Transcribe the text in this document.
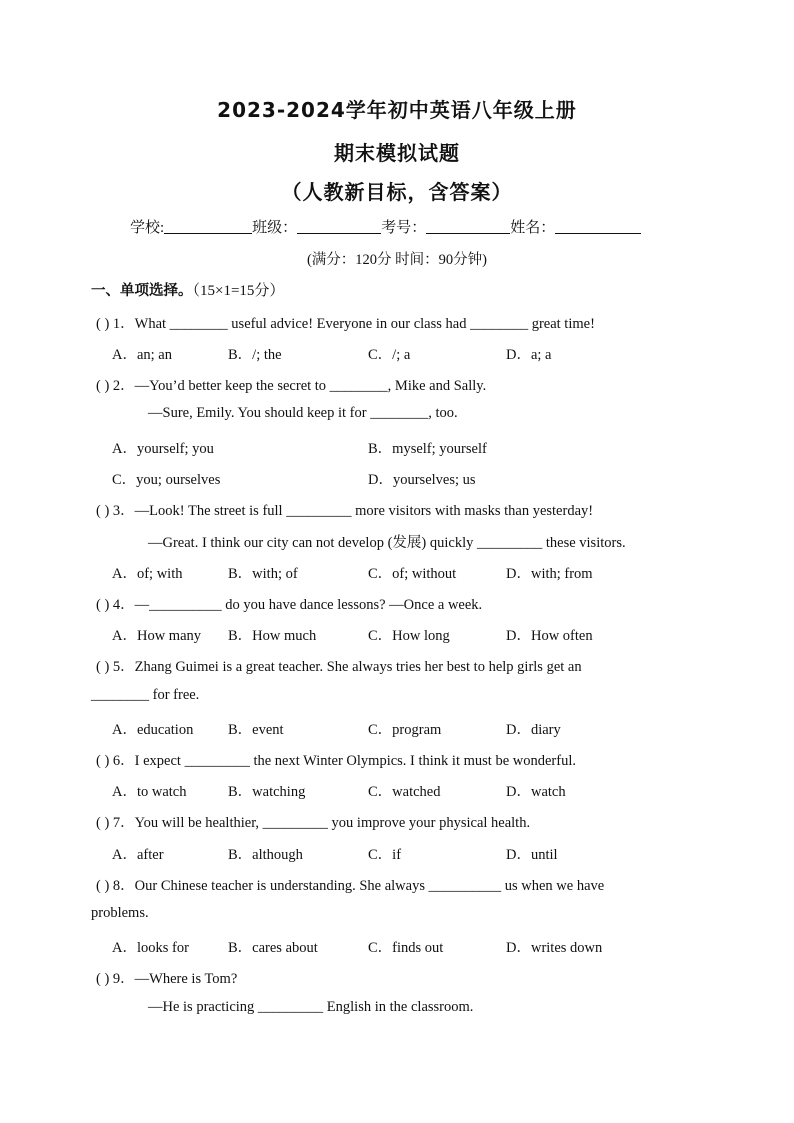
2023-2024学年初中英语八年级上册
期末模拟试题
（人教新目标，含答案）
学校:	班级：	考号：	姓名：
(满分：120分 时间：90分钟)
一、单项选择。（15×1=15分）
( ) 1．What ________ useful advice! Everyone in our class had ________ great time!
A．an; an	B．/; the	C．/; a	D．a; a
( ) 2．—You’d better keep the secret to ________, Mike and Sally.
—Sure, Emily. You should keep it for ________, too.
A．yourself; you	B．myself; yourself
C．you; ourselves	D．yourselves; us
( ) 3．—Look! The street is full _________ more visitors with masks than yesterday!
—Great. I think our city can not develop (发展) quickly _________ these visitors.
A．of; with	B．with; of	C．of; without	D．with; from
( ) 4．—__________ do you have dance lessons? —Once a week.
A．How many B．How much	C．How long	D．How often
( ) 5．Zhang Guimei is a great teacher. She always tries her best to help girls get an
________ for free.
A．education B．event	C．program	D．diary
( ) 6．I expect _________ the next Winter Olympics. I think it must be wonderful.
A．to watch	B．watching	C．watched	D．watch
( ) 7．You will be healthier, _________ you improve your physical health.
A．after	B．although	C．if	D．until
( ) 8．Our Chinese teacher is understanding. She always __________ us when we have
problems.
A．looks for	B．cares about	C．finds out	D．writes down
( ) 9．—Where is Tom?
—He is practicing _________ English in the classroom.
